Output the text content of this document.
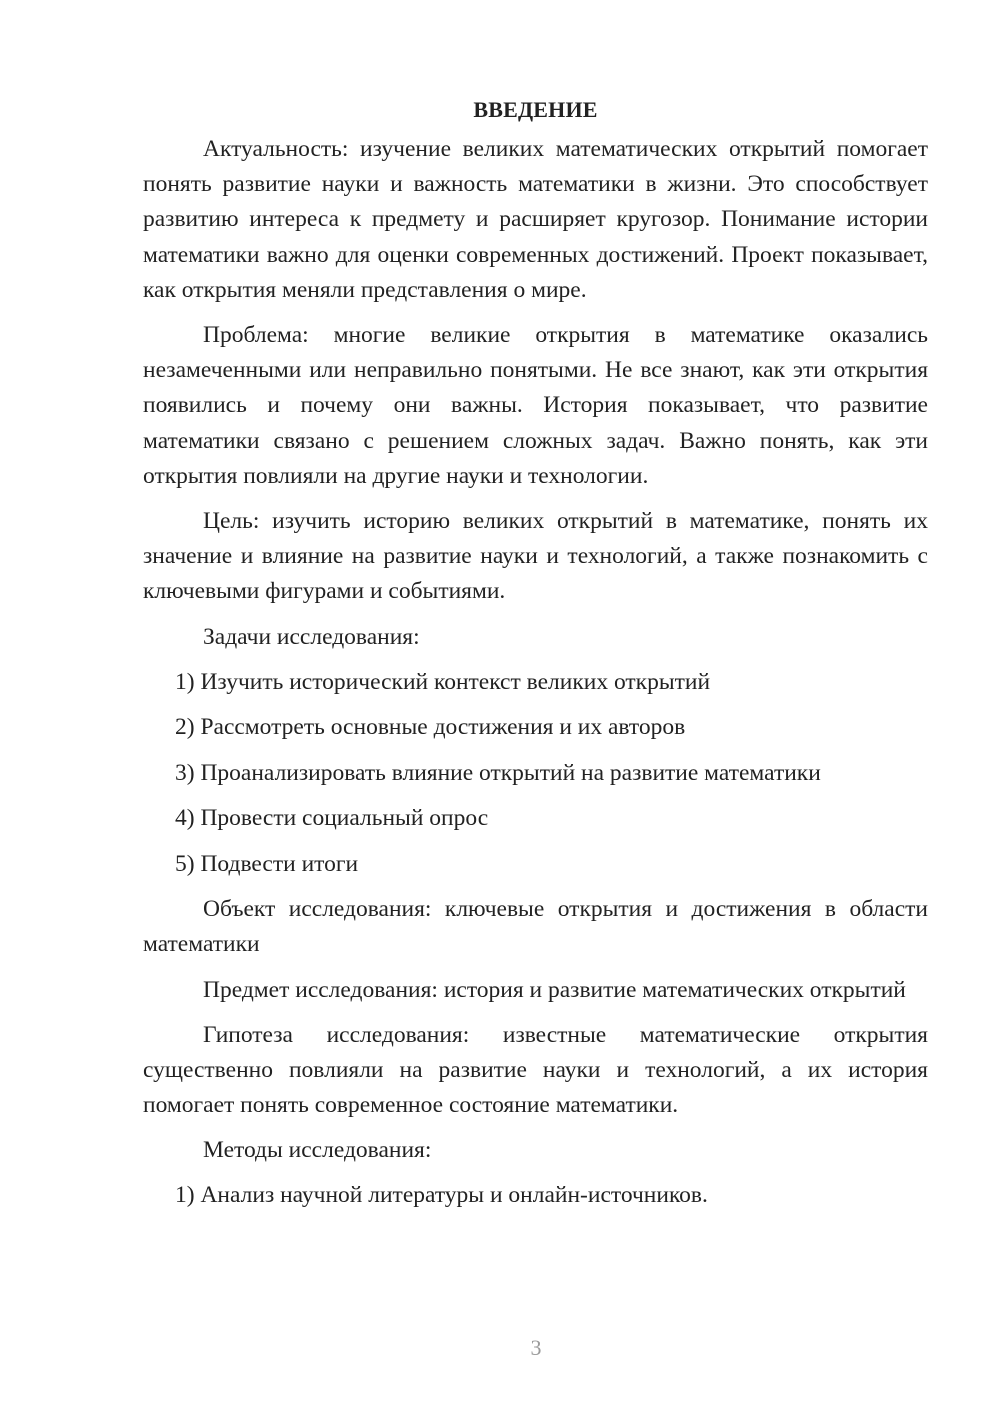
ВВЕДЕНИЕ

Актуальность: изучение великих математических открытий помогает понять развитие науки и важность математики в жизни. Это способствует развитию интереса к предмету и расширяет кругозор. Понимание истории математики важно для оценки современных достижений. Проект показывает, как открытия меняли представления о мире.

Проблема: многие великие открытия в математике оказались незамеченными или неправильно понятыми. Не все знают, как эти открытия появились и почему они важны. История показывает, что развитие математики связано с решением сложных задач. Важно понять, как эти открытия повлияли на другие науки и технологии.

Цель: изучить историю великих открытий в математике, понять их значение и влияние на развитие науки и технологий, а также познакомить с ключевыми фигурами и событиями.

Задачи исследования:

1) Изучить исторический контекст великих открытий
2) Рассмотреть основные достижения и их авторов
3) Проанализировать влияние открытий на развитие математики
4) Провести социальный опрос
5) Подвести итоги

Объект исследования: ключевые открытия и достижения в области математики

Предмет исследования: история и развитие математических открытий

Гипотеза исследования: известные математические открытия существенно повлияли на развитие науки и технологий, а их история помогает понять современное состояние математики.

Методы исследования:

1) Анализ научной литературы и онлайн-источников.
3
